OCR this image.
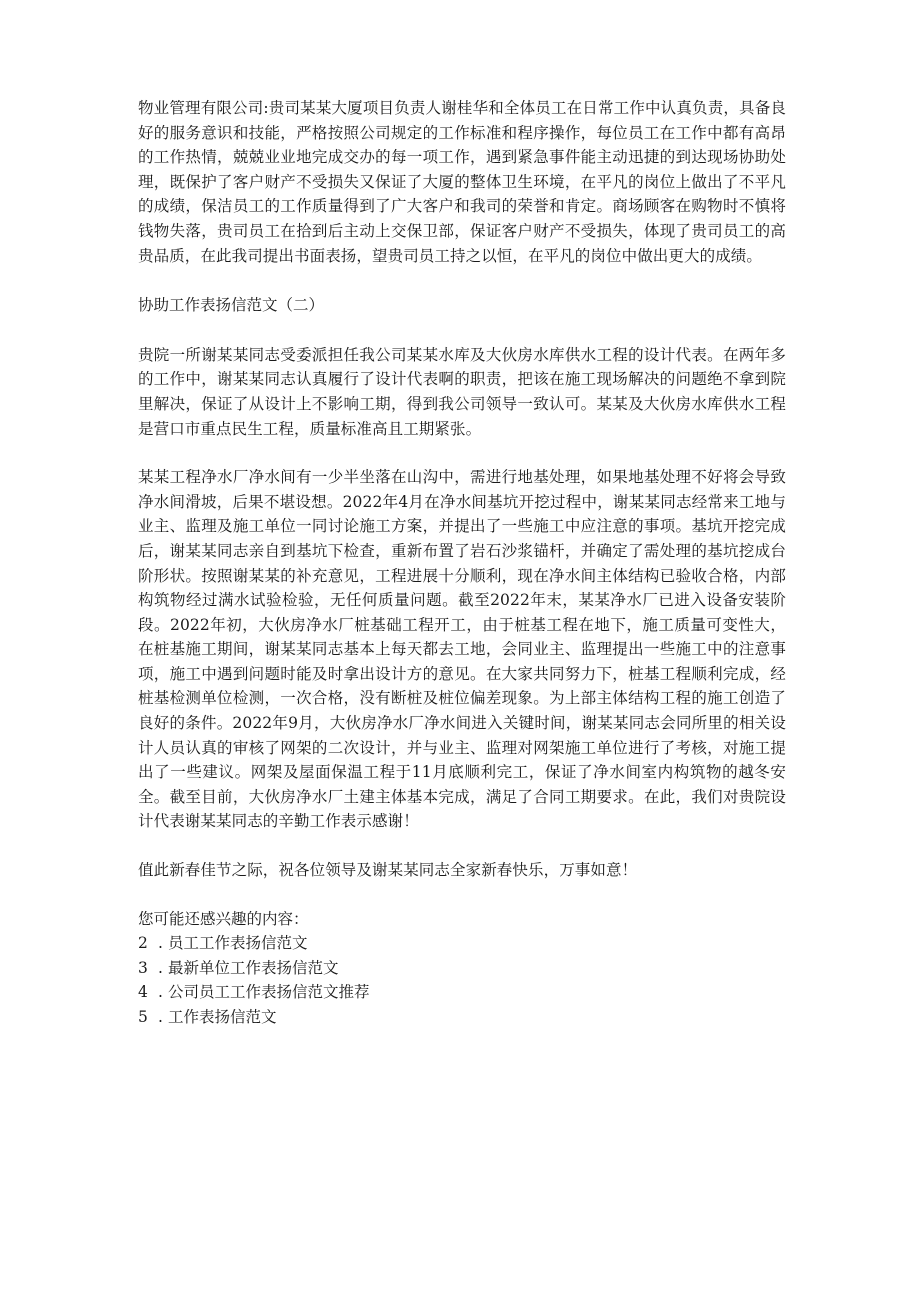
物业管理有限公司:贵司某某大厦项目负责人谢桂华和全体员工在日常工作中认真负责，具备良好的服务意识和技能，严格按照公司规定的工作标准和程序操作，每位员工在工作中都有高昂的工作热情，兢兢业业地完成交办的每一项工作，遇到紧急事件能主动迅捷的到达现场协助处理，既保护了客户财产不受损失又保证了大厦的整体卫生环境，在平凡的岗位上做出了不平凡的成绩，保洁员工的工作质量得到了广大客户和我司的荣誉和肯定。商场顾客在购物时不慎将钱物失落，贵司员工在拾到后主动上交保卫部，保证客户财产不受损失，体现了贵司员工的高贵品质，在此我司提出书面表扬，望贵司员工持之以恒，在平凡的岗位中做出更大的成绩。

协助工作表扬信范文（二）

贵院一所谢某某同志受委派担任我公司某某水库及大伙房水库供水工程的设计代表。在两年多的工作中，谢某某同志认真履行了设计代表啊的职责，把该在施工现场解决的问题绝不拿到院里解决，保证了从设计上不影响工期，得到我公司领导一致认可。某某及大伙房水库供水工程是营口市重点民生工程，质量标准高且工期紧张。

某某工程净水厂净水间有一少半坐落在山沟中，需进行地基处理，如果地基处理不好将会导致净水间滑坡，后果不堪设想。2022年4月在净水间基坑开挖过程中，谢某某同志经常来工地与业主、监理及施工单位一同讨论施工方案，并提出了一些施工中应注意的事项。基坑开挖完成后，谢某某同志亲自到基坑下检查，重新布置了岩石沙浆锚杆，并确定了需处理的基坑挖成台阶形状。按照谢某某的补充意见，工程进展十分顺利，现在净水间主体结构已验收合格，内部构筑物经过满水试验检验，无任何质量问题。截至2022年末，某某净水厂已进入设备安装阶段。2022年初，大伙房净水厂桩基础工程开工，由于桩基工程在地下，施工质量可变性大，在桩基施工期间，谢某某同志基本上每天都去工地，会同业主、监理提出一些施工中的注意事项，施工中遇到问题时能及时拿出设计方的意见。在大家共同努力下，桩基工程顺利完成，经桩基检测单位检测，一次合格，没有断桩及桩位偏差现象。为上部主体结构工程的施工创造了良好的条件。2022年9月，大伙房净水厂净水间进入关键时间，谢某某同志会同所里的相关设计人员认真的审核了网架的二次设计，并与业主、监理对网架施工单位进行了考核，对施工提出了一些建议。网架及屋面保温工程于11月底顺利完工，保证了净水间室内构筑物的越冬安全。截至目前，大伙房净水厂土建主体基本完成，满足了合同工期要求。在此，我们对贵院设计代表谢某某同志的辛勤工作表示感谢！

值此新春佳节之际，祝各位领导及谢某某同志全家新春快乐，万事如意！

您可能还感兴趣的内容：

2 . 员工工作表扬信范文
3 . 最新单位工作表扬信范文
4 . 公司员工工作表扬信范文推荐
5 . 工作表扬信范文
